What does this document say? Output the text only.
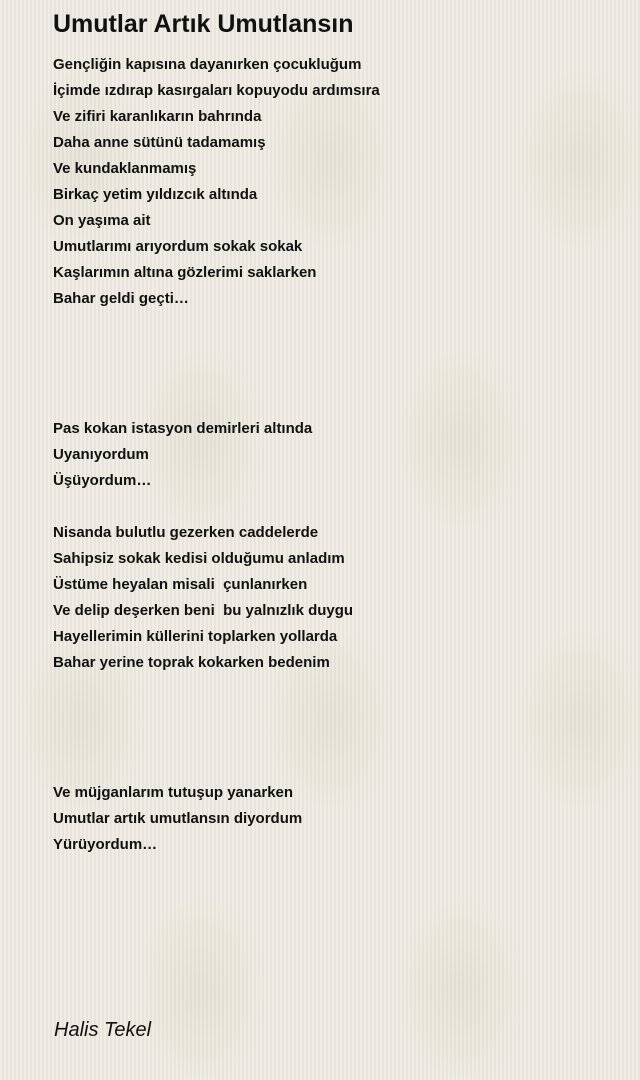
Umutlar Artık Umutlansın
Gençliğin kapısına dayanırken çocukluğum
İçimde ızdırap kasırgaları kopuyodu ardımsıra
Ve zifiri karanlıkarın bahrında
Daha anne sütünü tadamamış
Ve kundaklanmamış
Birkaç yetim yıldızcık altında
On yaşıma ait
Umutlarımı arıyordum sokak sokak
Kaşlarımın altına gözlerimi saklarken
Bahar geldi geçti…
Pas kokan istasyon demirleri altında
Uyanıyordum
Üşüyordum…
Nisanda bulutlu gezerken caddelerde
Sahipsiz sokak kedisi olduğumu anladım
Üstüme heyalan misali  çunlanırken
Ve delip deşerken beni  bu yalnızlık duygu
Hayellerimin küllerini toplarken yollarda
Bahar yerine toprak kokarken bedenim
Ve müjganlarım tutuşup yanarken
Umutlar artık umutlansın diyordum
Yürüyordum…
Halis Tekel
